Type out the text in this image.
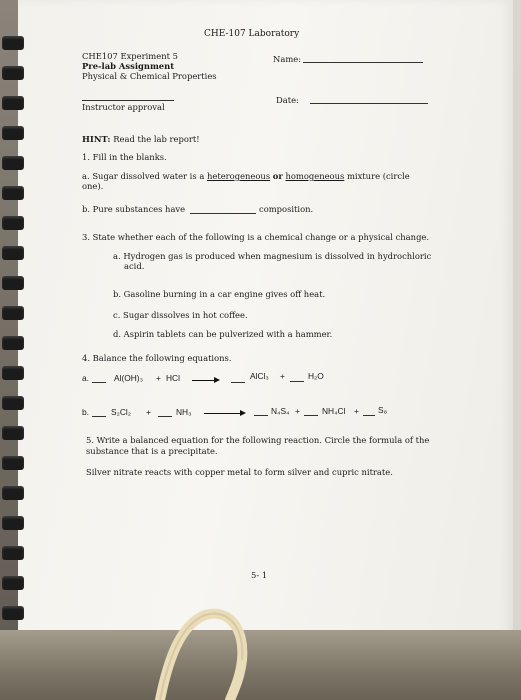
CHE-107 Laboratory
CHE107 Experiment 5
Pre-lab Assignment
Physical & Chemical Properties
Name:
Instructor approval
Date:
HINT: Read the lab report!
1. Fill in the blanks.
a. Sugar dissolved water is a heterogeneous or homogeneous mixture (circle
one).
b. Pure substances have	composition.
3. State whether each of the following is a chemical change or a physical change.
a. Hydrogen gas is produced when magnesium is dissolved in hydrochloric
acid.
b. Gasoline burning in a car engine gives off heat.
c. Sugar dissolves in hot coffee.
d. Aspirin tablets can be pulverized with a hammer.
4. Balance the following equations.
a.	Al(OH)₃ + HCl	AlCl₃ +	H₂O
b.	S₂Cl₂ +	NH₃	N₄S₄ +	NH₄Cl + S₈
5. Write a balanced equation for the following reaction. Circle the formula of the
substance that is a precipitate.
Silver nitrate reacts with copper metal to form silver and cupric nitrate.
5- 1
